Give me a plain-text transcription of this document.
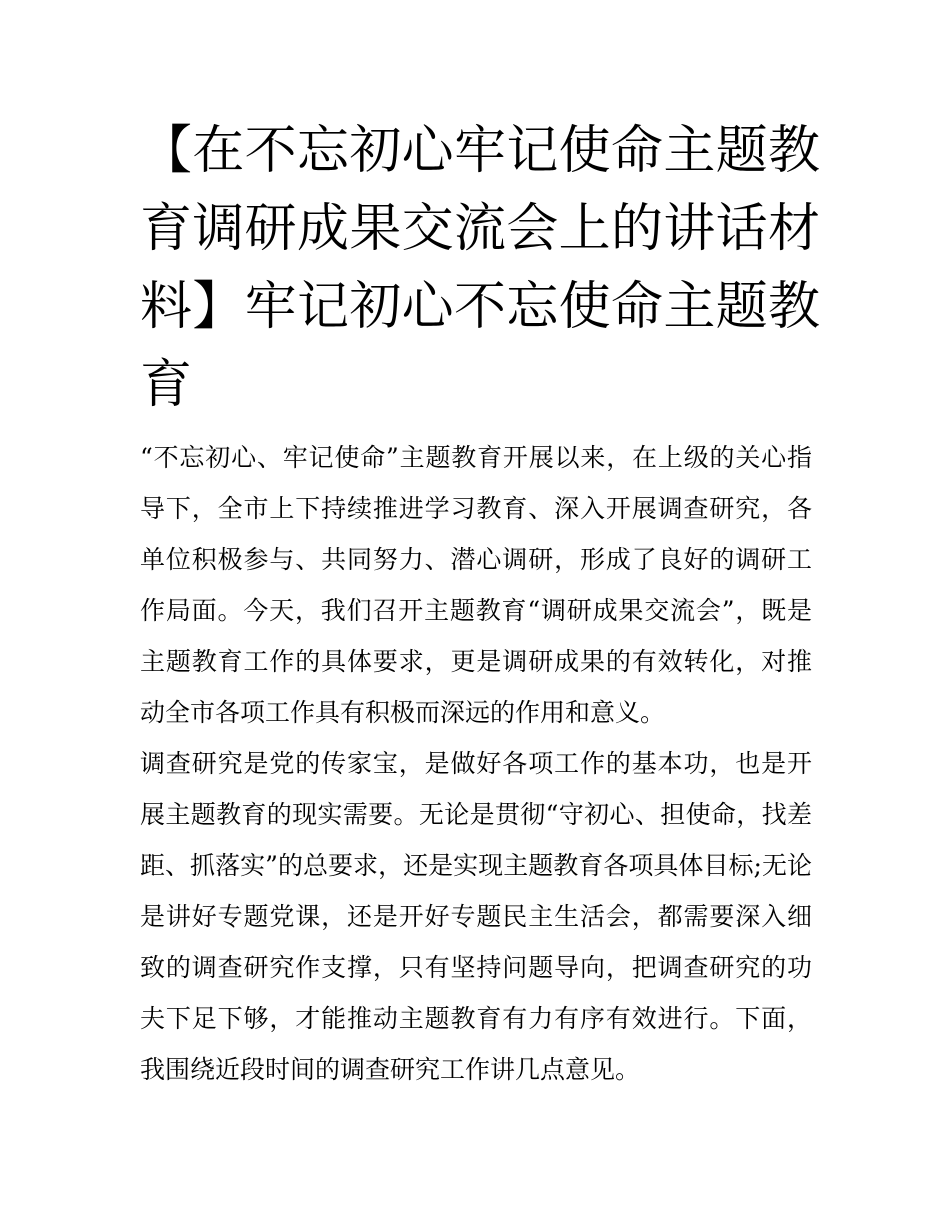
【在不忘初心牢记使命主题教育调研成果交流会上的讲话材料】牢记初心不忘使命主题教育

“不忘初心、牢记使命”主题教育开展以来，在上级的关心指导下，全市上下持续推进学习教育、深入开展调查研究，各单位积极参与、共同努力、潜心调研，形成了良好的调研工作局面。今天，我们召开主题教育“调研成果交流会”，既是主题教育工作的具体要求，更是调研成果的有效转化，对推动全市各项工作具有积极而深远的作用和意义。

调查研究是党的传家宝，是做好各项工作的基本功，也是开展主题教育的现实需要。无论是贯彻“守初心、担使命，找差距、抓落实”的总要求，还是实现主题教育各项具体目标;无论是讲好专题党课，还是开好专题民主生活会，都需要深入细致的调查研究作支撑，只有坚持问题导向，把调查研究的功夫下足下够，才能推动主题教育有力有序有效进行。下面，我围绕近段时间的调查研究工作讲几点意见。
